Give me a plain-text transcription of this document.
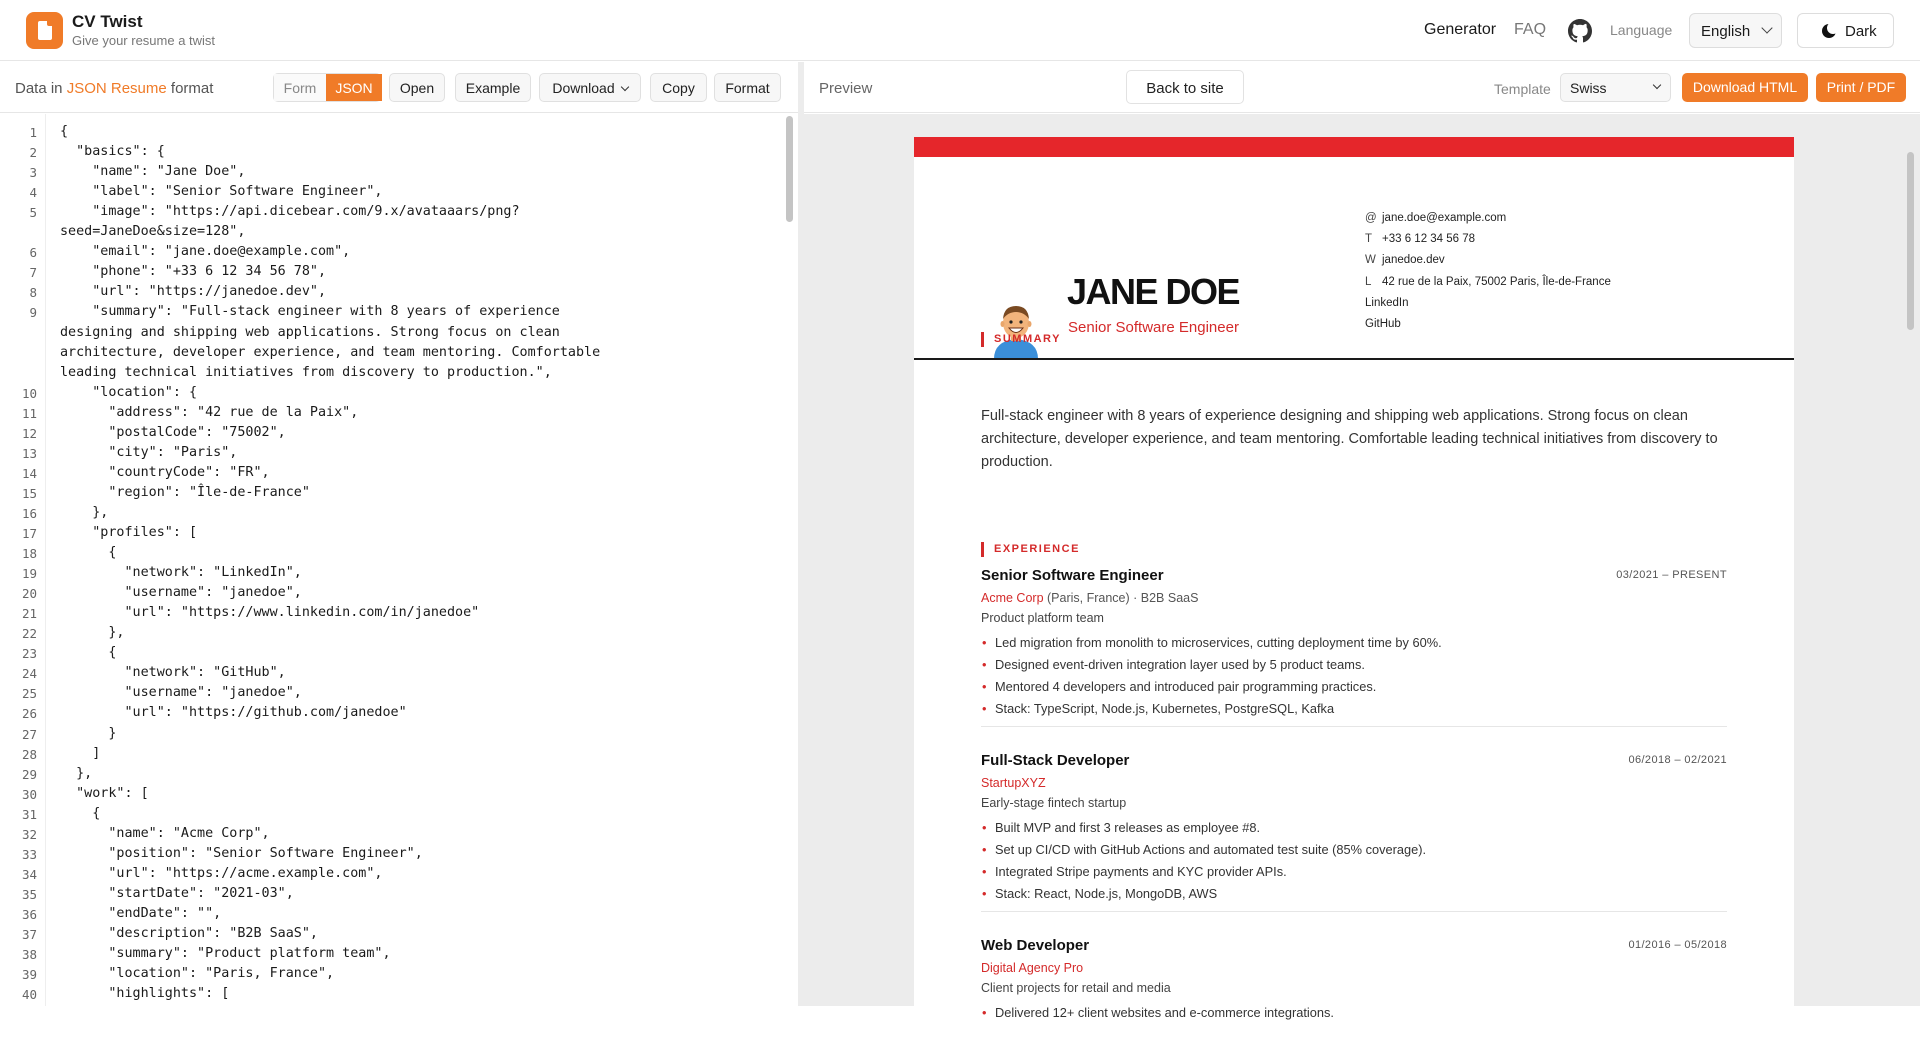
CV Twist
Give your resume a twist
Generator FAQ	Language	English	Dark
Data in JSON Resume format	Form	JSON	Open	Example	Download	Copy	Format
1
2
3
4
5
6
7
8
9
10
11
12
13
14
15
16
17
18
19
20
21
22
23
24
25
26
27
28
29
30
31
32
33
34
35
36
37
38
39
40
{
"basics": {
"name": "Jane Doe",
"label": "Senior Software Engineer",
"image": "https://api.dicebear.com/9.x/avataaars/png?
seed=JaneDoe&size=128",
"email": "jane.doe@example.com",
"phone": "+33 6 12 34 56 78",
"url": "https://janedoe.dev",
"summary": "Full-stack engineer with 8 years of experience
designing and shipping web applications. Strong focus on clean
architecture, developer experience, and team mentoring. Comfortable
leading technical initiatives from discovery to production.",
"location": {
"address": "42 rue de la Paix",
"postalCode": "75002",
"city": "Paris",
"countryCode": "FR",
"region": "Île-de-France"
},
"profiles": [
{
"network": "LinkedIn",
"username": "janedoe",
"url": "https://www.linkedin.com/in/janedoe"
},
{
"network": "GitHub",
"username": "janedoe",
"url": "https://github.com/janedoe"
}
]
},
"work": [
{
"name": "Acme Corp",
"position": "Senior Software Engineer",
"url": "https://acme.example.com",
"startDate": "2021-03",
"endDate": "",
"description": "B2B SaaS",
"summary": "Product platform team",
"location": "Paris, France",
"highlights": [
Preview	Back to site	Template	Swiss	Download HTML	Print / PDF
JANE DOE
Senior Software Engineer
@ jane.doe@example.com
T +33 6 12 34 56 78
W janedoe.dev
L 42 rue de la Paix, 75002 Paris, Île-de-France
LinkedIn
GitHub
SUMMARY
Full-stack engineer with 8 years of experience designing and shipping web applications. Strong focus on clean architecture, developer experience, and team mentoring. Comfortable leading technical initiatives from discovery to production.
EXPERIENCE
Senior Software Engineer	03/2021 – PRESENT
Acme Corp (Paris, France) · B2B SaaS
Product platform team
• Led migration from monolith to microservices, cutting deployment time by 60%.
• Designed event-driven integration layer used by 5 product teams.
• Mentored 4 developers and introduced pair programming practices.
• Stack: TypeScript, Node.js, Kubernetes, PostgreSQL, Kafka
Full-Stack Developer	06/2018 – 02/2021
StartupXYZ
Early-stage fintech startup
• Built MVP and first 3 releases as employee #8.
• Set up CI/CD with GitHub Actions and automated test suite (85% coverage).
• Integrated Stripe payments and KYC provider APIs.
• Stack: React, Node.js, MongoDB, AWS
Web Developer	01/2016 – 05/2018
Digital Agency Pro
Client projects for retail and media
• Delivered 12+ client websites and e-commerce integrations.
